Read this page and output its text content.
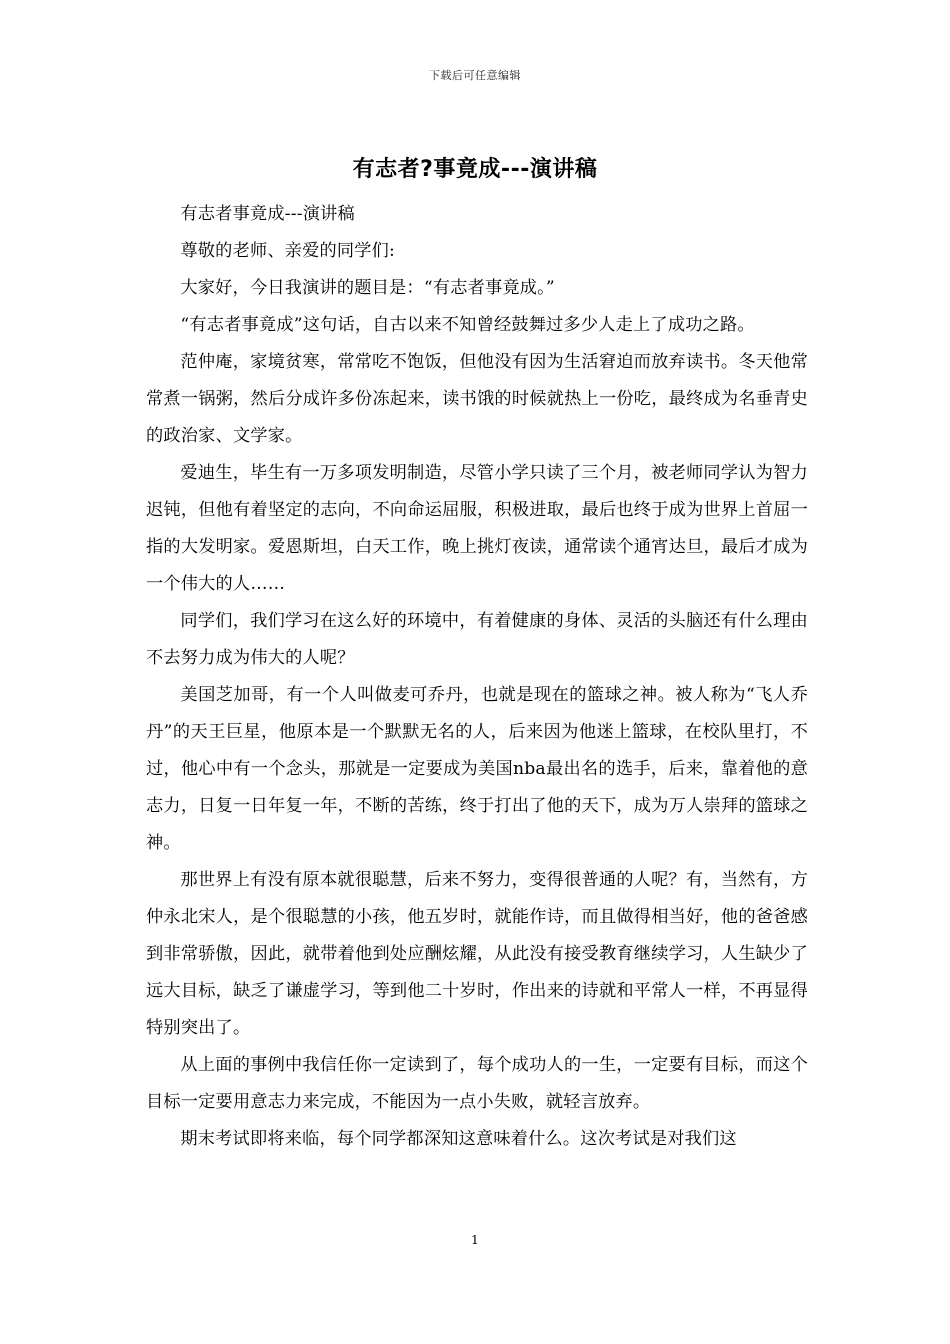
下载后可任意编辑
有志者?事竟成---演讲稿

有志者事竟成---演讲稿

尊敬的老师、亲爱的同学们:

大家好，今日我演讲的题目是：“有志者事竟成。”

“有志者事竟成”这句话，自古以来不知曾经鼓舞过多少人走上了成功之路。

范仲庵，家境贫寒，常常吃不饱饭，但他没有因为生活窘迫而放弃读书。冬天他常常煮一锅粥，然后分成许多份冻起来，读书饿的时候就热上一份吃，最终成为名垂青史的政治家、文学家。

爱迪生，毕生有一万多项发明制造，尽管小学只读了三个月，被老师同学认为智力迟钝，但他有着坚定的志向，不向命运屈服，积极进取，最后也终于成为世界上首屈一指的大发明家。爱恩斯坦，白天工作，晚上挑灯夜读，通常读个通宵达旦，最后才成为一个伟大的人……

同学们，我们学习在这么好的环境中，有着健康的身体、灵活的头脑还有什么理由不去努力成为伟大的人呢？

美国芝加哥，有一个人叫做麦可乔丹，也就是现在的篮球之神。被人称为“飞人乔丹”的天王巨星，他原本是一个默默无名的人，后来因为他迷上篮球，在校队里打，不过，他心中有一个念头，那就是一定要成为美国nba最出名的选手，后来，靠着他的意志力，日复一日年复一年，不断的苦练，终于打出了他的天下，成为万人崇拜的篮球之神。

那世界上有没有原本就很聪慧，后来不努力，变得很普通的人呢？有，当然有，方仲永北宋人，是个很聪慧的小孩，他五岁时，就能作诗，而且做得相当好，他的爸爸感到非常骄傲，因此，就带着他到处应酬炫耀，从此没有接受教育继续学习，人生缺少了远大目标，缺乏了谦虚学习，等到他二十岁时，作出来的诗就和平常人一样，不再显得特别突出了。

从上面的事例中我信任你一定读到了，每个成功人的一生，一定要有目标，而这个目标一定要用意志力来完成，不能因为一点小失败，就轻言放弃。

期末考试即将来临，每个同学都深知这意味着什么。这次考试是对我们这

1
